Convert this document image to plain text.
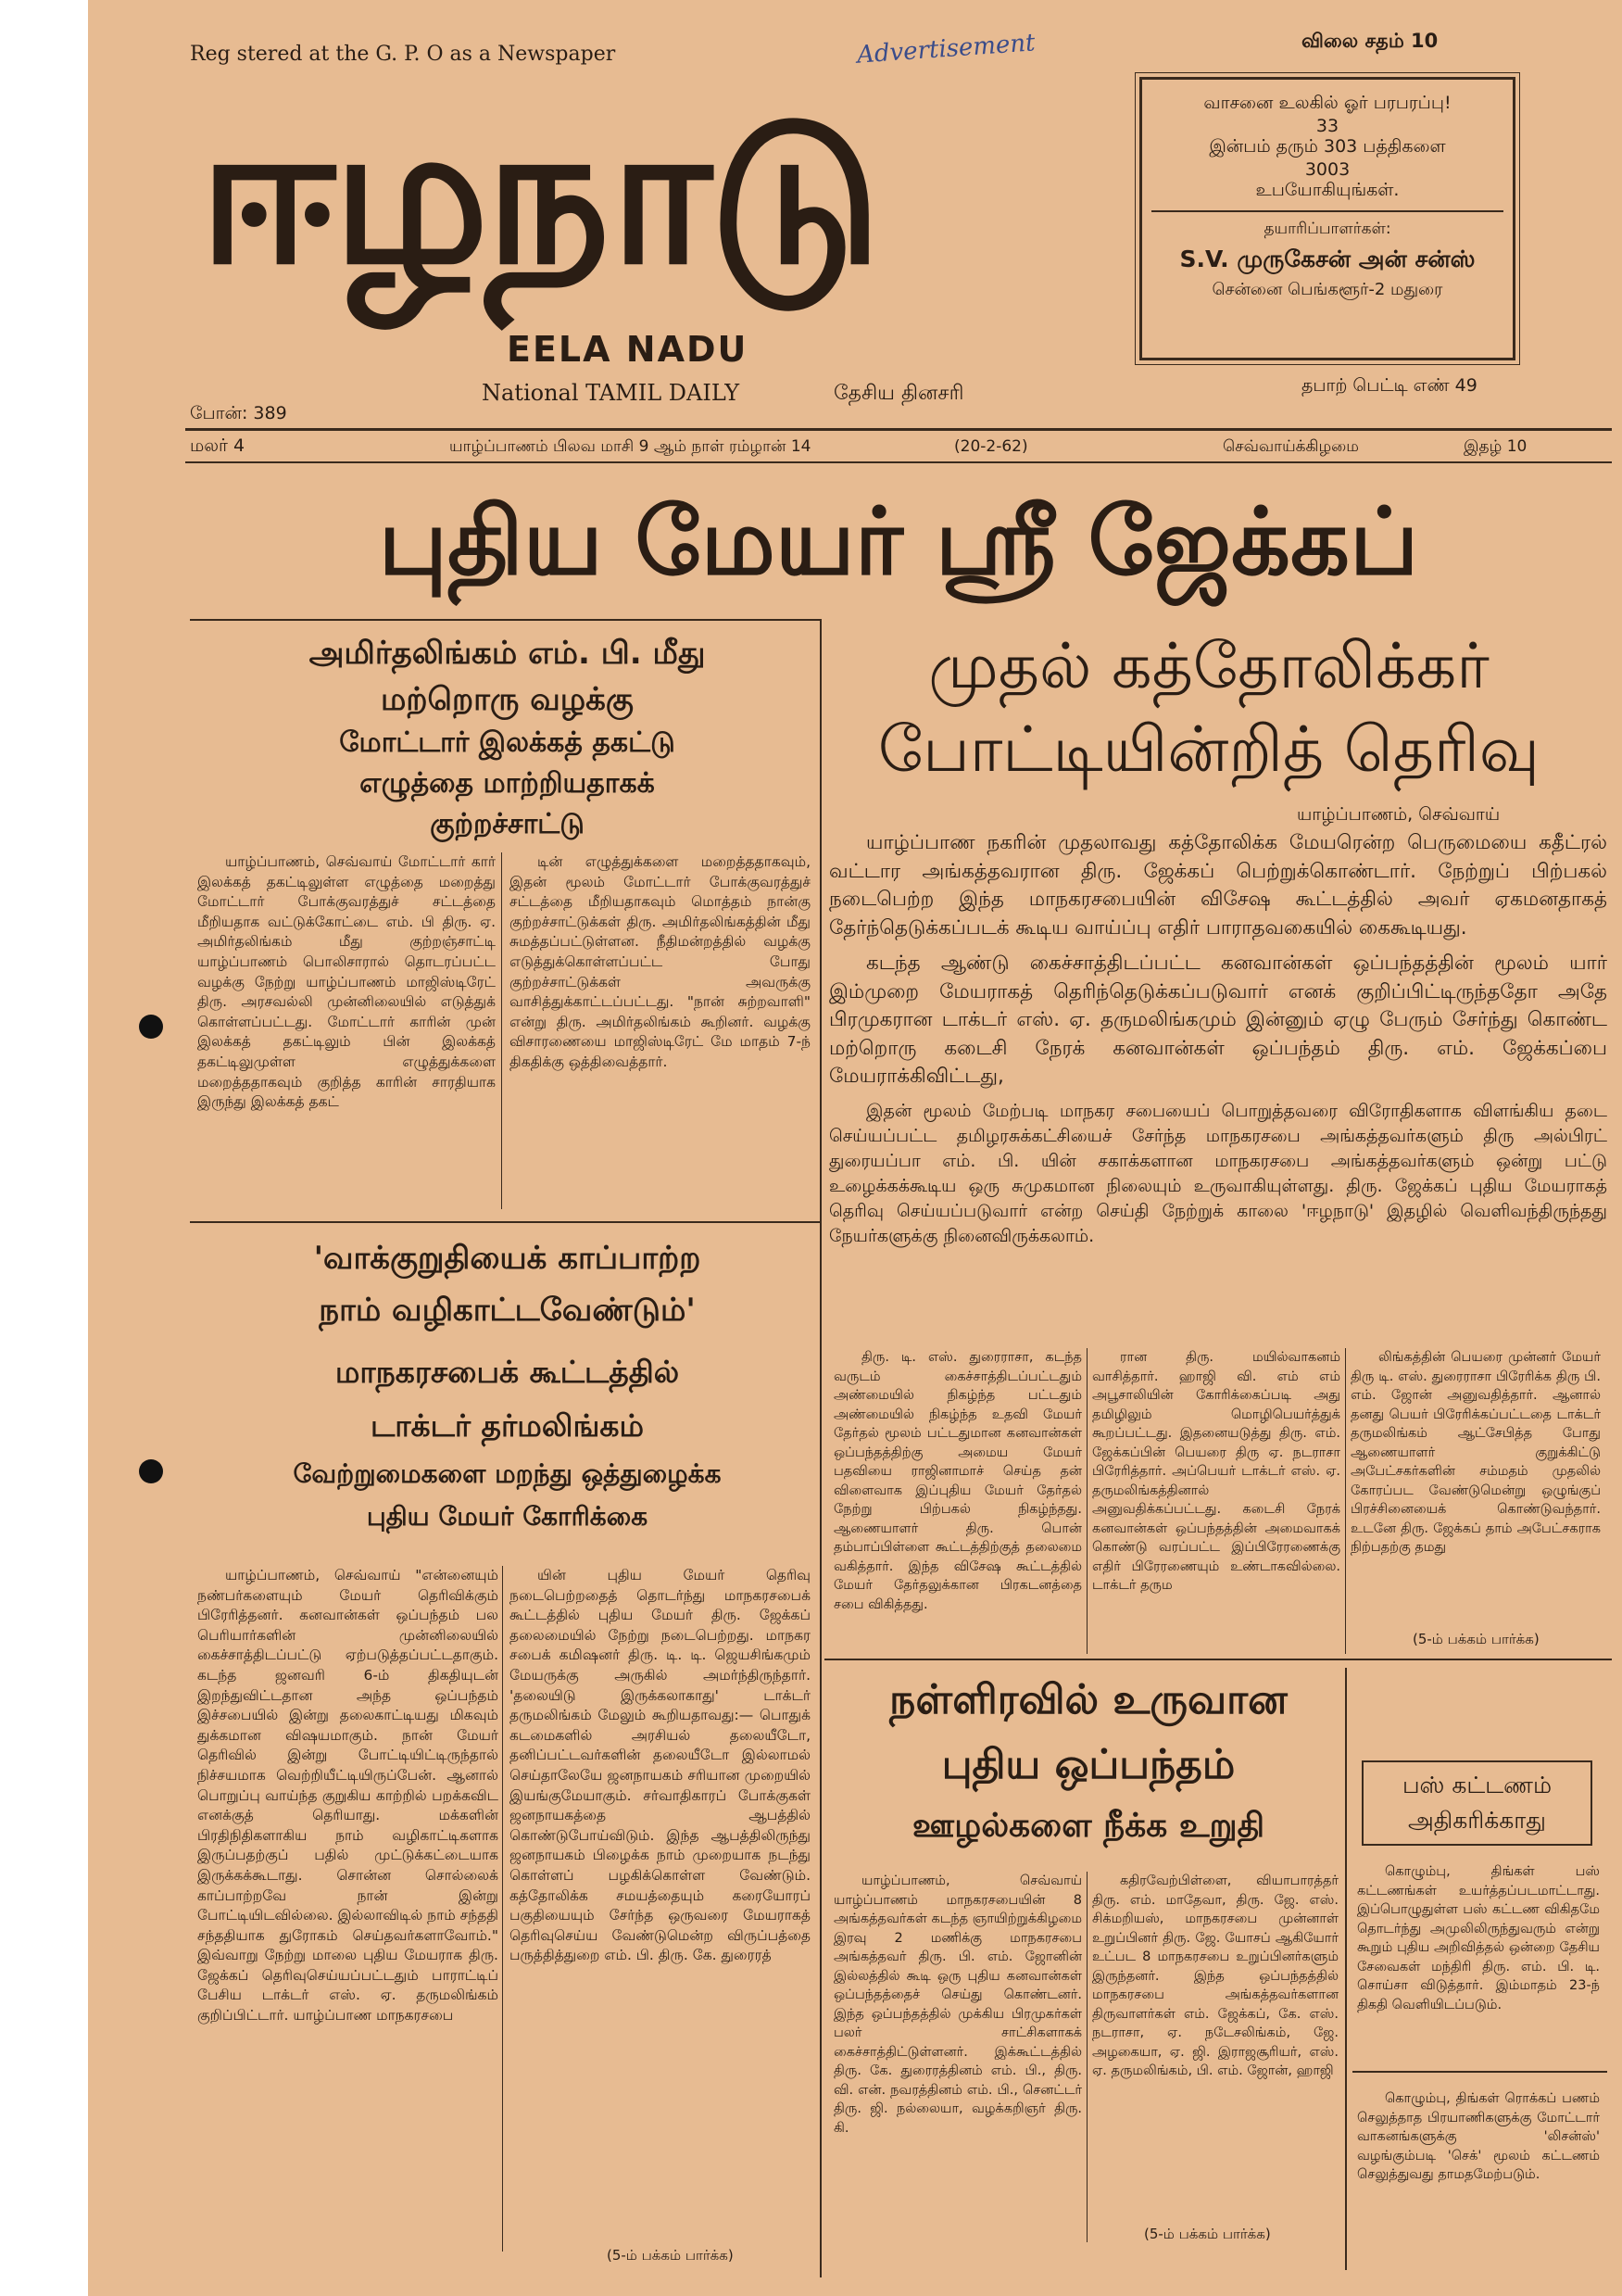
Reg stered at the G. P. O as a Newspaper	Advertisement	விலை சதம் 10
ஈழநாடு
EELA NADU
National TAMIL DAILY	தேசிய தினசரி
போன்: 389
தபாற் பெட்டி எண் 49
வாசனை உலகில் ஓர் பரபரப்பு!
33
இன்பம் தரும் 303 பத்திகளை
3003
உபயோகியுங்கள்.
தயாரிப்பாளர்கள்:
S.V. முருகேசன் அன் சன்ஸ்
சென்னை பெங்களூர்-2 மதுரை
மலர் 4	யாழ்ப்பாணம் பிலவ மாசி 9 ஆம் நாள் ரம்ழான் 14	(20-2-62)	செவ்வாய்க்கிழமை	இதழ் 10
புதிய மேயர் ஸ்ரீ ஜேக்கப்
அமிர்தலிங்கம் எம். பி. மீது
மற்றொரு வழக்கு
மோட்டார் இலக்கத் தகட்டு
எழுத்தை மாற்றியதாகக்
குற்றச்சாட்டு

யாழ்ப்பாணம், செவ்வாய் மோட்டார் கார் இலக்கத் தகட்டிலுள்ள எழுத்தை மறைத்து மோட்டார் போக்குவரத்துச் சட்டத்தை மீறியதாக வட்டுக்கோட்டை எம். பி திரு. ஏ. அமிர்தலிங்கம் மீது குற்றஞ்சாட்டி யாழ்ப்பாணம் பொலிசாரால் தொடரப்பட்ட வழக்கு நேற்று யாழ்ப்பாணம் மாஜிஸ்டிரேட் திரு. அரசவல்லி முன்னிலையில் எடுத்துக் கொள்ளப்பட்டது. மோட்டார் காரின் முன் இலக்கத் தகட்டிலும் பின் இலக்கத் தகட்டிலுமுள்ள எழுத்துக்களை மறைத்ததாகவும் குறித்த காரின் சாரதியாக இருந்து இலக்கத் தகட்

டின் எழுத்துக்களை மறைத்ததாகவும், இதன் மூலம் மோட்டார் போக்குவரத்துச் சட்டத்தை மீறியதாகவும் மொத்தம் நான்கு குற்றச்சாட்டுக்கள் திரு. அமிர்தலிங்கத்தின் மீது சுமத்தப்பட்டுள்ளன. நீதிமன்றத்தில் வழக்கு எடுத்துக்கொள்ளப்பட்ட போது குற்றச்சாட்டுக்கள் அவருக்கு வாசித்துக்காட்டப்பட்டது. "நான் சுற்றவாளி" என்று திரு. அமிர்தலிங்கம் கூறினர். வழக்கு விசாரணையை மாஜிஸ்டிரேட் மே மாதம் 7-ந் திகதிக்கு ஒத்திவைத்தார்.

'வாக்குறுதியைக் காப்பாற்ற
நாம் வழிகாட்டவேண்டும்'
மாநகரசபைக் கூட்டத்தில்
டாக்டர் தர்மலிங்கம்
வேற்றுமைகளை மறந்து ஒத்துழைக்க
புதிய மேயர் கோரிக்கை

யாழ்ப்பாணம், செவ்வாய் "என்னையும் நண்பர்களையும் மேயர் தெரிவிக்கும் பிரேரித்தனர். கனவான்கள் ஒப்பந்தம் பல பெரியார்களின் முன்னிலையில் கைச்சாத்திடப்பட்டு ஏற்படுத்தப்பட்டதாகும். கடந்த ஜனவரி 6-ம் திகதியுடன் இறந்துவிட்டதான அந்த ஒப்பந்தம் இச்சபையில் இன்று தலைகாட்டியது மிகவும் துக்கமான விஷயமாகும். நான் மேயர் தெரிவில் இன்று போட்டியிட்டிருந்தால் நிச்சயமாக வெற்றியீட்டியிருப்பேன். ஆனால் பொறுப்பு வாய்ந்த குறுகிய காற்றில் பறக்கவிட எனக்குத் தெரியாது. மக்களின் பிரதிநிதிகளாகிய நாம் வழிகாட்டிகளாக இருப்பதற்குப் பதில் முட்டுக்கட்டையாக இருக்கக்கூடாது. சொன்ன சொல்லைக் காப்பாற்றவே நான் இன்று போட்டியிடவில்லை. இல்லாவிடில் நாம் சந்ததி சந்ததியாக துரோகம் செய்தவர்களாவோம்." இவ்வாறு நேற்று மாலை புதிய மேயராக திரு. ஜேக்கப் தெரிவுசெய்யப்பட்டதும் பாராட்டிப் பேசிய டாக்டர் எஸ். ஏ. தருமலிங்கம் குறிப்பிட்டார். யாழ்ப்பாண மாநகரசபை

யின் புதிய மேயர் தெரிவு நடைபெற்றதைத் தொடர்ந்து மாநகரசபைக் கூட்டத்தில் புதிய மேயர் திரு. ஜேக்கப் தலைமையில் நேற்று நடைபெற்றது. மாநகர சபைக் கமிஷனர் திரு. டி. டி. ஜெயசிங்கமும் மேயருக்கு அருகில் அமர்ந்திருந்தார். 'தலையிடு இருக்கலாகாது' டாக்டர் தருமலிங்கம் மேலும் கூறியதாவது:— பொதுக் கடமைகளில் அரசியல் தலையீடோ, தனிப்பட்டவர்களின் தலையீடோ இல்லாமல் செய்தாலேயே ஜனநாயகம் சரியான முறையில் இயங்குமேயாகும். சர்வாதிகாரப் போக்குகள் ஜனநாயகத்தை ஆபத்தில் கொண்டுபோய்விடும். இந்த ஆபத்திலிருந்து ஜனநாயகம் பிழைக்க நாம் முறையாக நடந்து கொள்ளப் பழகிக்கொள்ள வேண்டும். கத்தோலிக்க சமயத்தையும் கரையோரப் பகுதியையும் சேர்ந்த ஒருவரை மேயராகத் தெரிவுசெய்ய வேண்டுமென்ற விருப்பத்தை பருத்தித்துறை எம். பி. திரு. கே. துரைரத்

(5-ம் பக்கம் பார்க்க)
முதல் கத்தோலிக்கர்
போட்டியின்றித் தெரிவு
யாழ்ப்பாணம், செவ்வாய்

யாழ்ப்பாண நகரின் முதலாவது கத்தோலிக்க மேயரென்ற பெருமையை கதீட்ரல் வட்டார அங்கத்தவரான திரு. ஜேக்கப் பெற்றுக்கொண்டார். நேற்றுப் பிற்பகல் நடைபெற்ற இந்த மாநகரசபையின் விசேஷ கூட்டத்தில் அவர் ஏகமனதாகத் தேர்ந்தெடுக்கப்படக் கூடிய வாய்ப்பு எதிர் பாராதவகையில் கைகூடியது.

கடந்த ஆண்டு கைச்சாத்திடப்பட்ட கனவான்கள் ஒப்பந்தத்தின் மூலம் யார் இம்முறை மேயராகத் தெரிந்தெடுக்கப்படுவார் எனக் குறிப்பிட்டிருந்ததோ அதே பிரமுகரான டாக்டர் எஸ். ஏ. தருமலிங்கமும் இன்னும் ஏழு பேரும் சேர்ந்து கொண்ட மற்றொரு கடைசி நேரக் கனவான்கள் ஒப்பந்தம் திரு. எம். ஜேக்கப்பை மேயராக்கிவிட்டது,

இதன் மூலம் மேற்படி மாநகர சபையைப் பொறுத்தவரை விரோதிகளாக விளங்கிய தடை செய்யப்பட்ட தமிழரசுக்கட்சியைச் சேர்ந்த மாநகரசபை அங்கத்தவர்களும் திரு அல்பிரட் துரையப்பா எம். பி. யின் சகாக்களான மாநகரசபை அங்கத்தவர்களும் ஒன்று பட்டு உழைக்கக்கூடிய ஒரு சுமுகமான நிலையும் உருவாகியுள்ளது. திரு. ஜேக்கப் புதிய மேயராகத் தெரிவு செய்யப்படுவார் என்ற செய்தி நேற்றுக் காலை 'ஈழநாடு' இதழில் வெளிவந்திருந்தது நேயர்களுக்கு நினைவிருக்கலாம்.

திரு. டி. எஸ். துரைராசா, கடந்த வருடம் கைச்சாத்திடப்பட்டதும் அண்மையில் நிகழ்ந்த பட்டதும் அண்மையில் நிகழ்ந்த உதவி மேயர் தேர்தல் மூலம் பட்டதுமான கனவான்கள் ஒப்பந்தத்திற்கு அமைய மேயர் பதவியை ராஜினாமாச் செய்த தன் விளைவாக இப்புதிய மேயர் தேர்தல் நேற்று பிற்பகல் நிகழ்ந்தது. ஆணையாளர் திரு. பொன் தம்பாப்பிள்ளை கூட்டத்திற்குத் தலைமை வகித்தார். இந்த விசேஷ கூட்டத்தில் மேயர் தேர்தலுக்கான பிரகடனத்தை சபை விகித்தது.

ரான திரு. மயில்வாகனம் வாசித்தார். ஹாஜி வி. எம் எம் அபூசாலியின் கோரிக்கைப்படி அது தமிழிலும் மொழிபெயர்த்துக் கூறப்பட்டது. இதனையடுத்து திரு. எம். ஜேக்கப்பின் பெயரை திரு ஏ. நடராசா பிரேரித்தார். அப்பெயர் டாக்டர் எஸ். ஏ. தருமலிங்கத்தினால் அனுவதிக்கப்பட்டது. கடைசி நேரக் கனவான்கள் ஒப்பந்தத்தின் அமைவாகக் கொண்டு வரப்பட்ட இப்பிரேரணைக்கு எதிர் பிரேரணையும் உண்டாகவில்லை. டாக்டர் தரும

லிங்கத்தின் பெயரை முன்னர் மேயர் திரு டி. எஸ். துரைராசா பிரேரிக்க திரு பி. எம். ஜோன் அனுவதித்தார். ஆனால் தனது பெயர் பிரேரிக்கப்பட்டதை டாக்டர் தருமலிங்கம் ஆட்சேபித்த போது ஆணையாளர் குறுக்கிட்டு அபேட்சகர்களின் சம்மதம் முதலில் கோரப்பட வேண்டுமென்று ஒழுங்குப் பிரச்சினையைக் கொண்டுவந்தார். உடனே திரு. ஜேக்கப் தாம் அபேட்சகராக நிற்பதற்கு தமது

(5-ம் பக்கம் பார்க்க)
நள்ளிரவில் உருவான
புதிய ஒப்பந்தம்
ஊழல்களை நீக்க உறுதி

யாழ்ப்பாணம், செவ்வாய் யாழ்ப்பாணம் மாநகரசபையின் 8 அங்கத்தவர்கள் கடந்த ஞாயிற்றுக்கிழமை இரவு 2 மணிக்கு மாநகரசபை அங்கத்தவர் திரு. பி. எம். ஜோனின் இல்லத்தில் கூடி ஒரு புதிய கனவான்கள் ஒப்பந்தத்தைச் செய்து கொண்டனர். இந்த ஒப்பந்தத்தில் முக்கிய பிரமுகர்கள் பலர் சாட்சிகளாகக் கைச்சாத்திட்டுள்ளனர். இக்கூட்டத்தில் திரு. கே. துரைரத்தினம் எம். பி., திரு. வி. என். நவரத்தினம் எம். பி., செனட்டர் திரு. ஜி. நல்லையா, வழக்கறிஞர் திரு. கி.

கதிரவேற்பிள்ளை, வியாபாரத்தர் திரு. எம். மாதேவா, திரு. ஜே. எஸ். சிக்மறியஸ், மாநகரசபை முன்னாள் உறுப்பினர் திரு. ஜே. யோசப் ஆகியோர் உட்பட 8 மாநகரசபை உறுப்பினர்களும் இருந்தனர். இந்த ஒப்பந்தத்தில் மாநகரசபை அங்கத்தவர்களான திருவாளர்கள் எம். ஜேக்கப், கே. எஸ். நடராசா, ஏ. நடேசலிங்கம், ஜே. அழகையா, ஏ. ஜி. இராஜசூரியர், எஸ். ஏ. தருமலிங்கம், பி. எம். ஜோன், ஹாஜி

(5-ம் பக்கம் பார்க்க)
பஸ் கட்டணம்
அதிகரிக்காது

கொழும்பு, திங்கள் பஸ் கட்டணங்கள் உயர்த்தப்படமாட்டாது. இப்பொழுதுள்ள பஸ் கட்டண விகிதமே தொடர்ந்து அமுலிலிருந்துவரும் என்று கூறும் புதிய அறிவித்தல் ஒன்றை தேசிய சேவைகள் மந்திரி திரு. எம். பி. டி. சொய்சா விடுத்தார். இம்மாதம் 23-ந் திகதி வெளியிடப்படும்.

கொழும்பு, திங்கள் ரொக்கப் பணம் செலுத்தாத பிரயாணிகளுக்கு மோட்டார் வாகனங்களுக்கு 'லிசன்ஸ்' வழங்கும்படி 'செக்' மூலம் கட்டணம் செலுத்துவது தாமதமேற்படும்.
